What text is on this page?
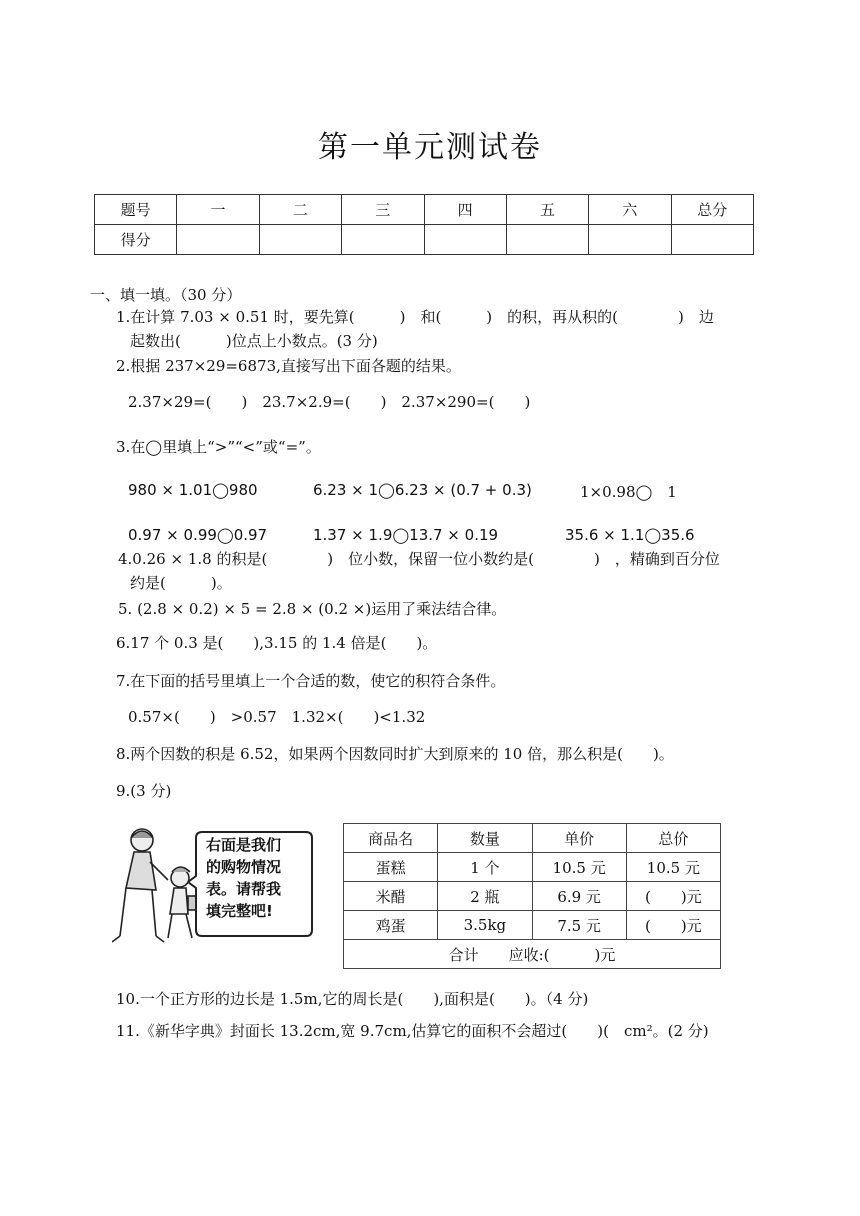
第一单元测试卷
题号	一	二	三	四	五	六	总分
得分							
一、填一填。（30 分）
1.在计算 7.03 × 0.51 时，要先算(　　　)　和(　　　)　的积，再从积的(　　　　)　边
起数出(　　　)位点上小数点。(3 分)
2.根据 237×29=6873,直接写出下面各题的结果。
2.37×29=(　　)　23.7×2.9=(　　)　2.37×290=(　　)
3.在◯里填上“>”“<”或“=”。
980 × 1.01◯980	6.23 × 1◯6.23 × (0.7 + 0.3)	1×0.98◯　1
0.97 × 0.99◯0.97	1.37 × 1.9◯13.7 × 0.19	35.6 × 1.1◯35.6
4.0.26 × 1.8 的积是(　　　　)　位小数，保留一位小数约是(　　　　)　，精确到百分位
约是(　　　)。
5. (2.8 × 0.2) × 5 = 2.8 × (0.2 ×)运用了乘法结合律。
6.17 个 0.3 是(　　),3.15 的 1.4 倍是(　　)。
7.在下面的括号里填上一个合适的数，使它的积符合条件。
0.57×(　　)　>0.57　1.32×(　　)<1.32
8.两个因数的积是 6.52，如果两个因数同时扩大到原来的 10 倍，那么积是(　　)。
9.(3 分)
右面是我们
的购物情况
表。请帮我
填完整吧!
商品名	数量	单价	总价
蛋糕	1 个	10.5 元	10.5 元
米醋	2 瓶	6.9 元	(　　)元
鸡蛋	3.5kg	7.5 元	(　　)元
合计　　应收:(　　　)元			
10.一个正方形的边长是 1.5m,它的周长是(　　),面积是(　　)。（4 分)
11.《新华字典》封面长 13.2cm,宽 9.7cm,估算它的面积不会超过(　　)(　cm²。(2 分)
